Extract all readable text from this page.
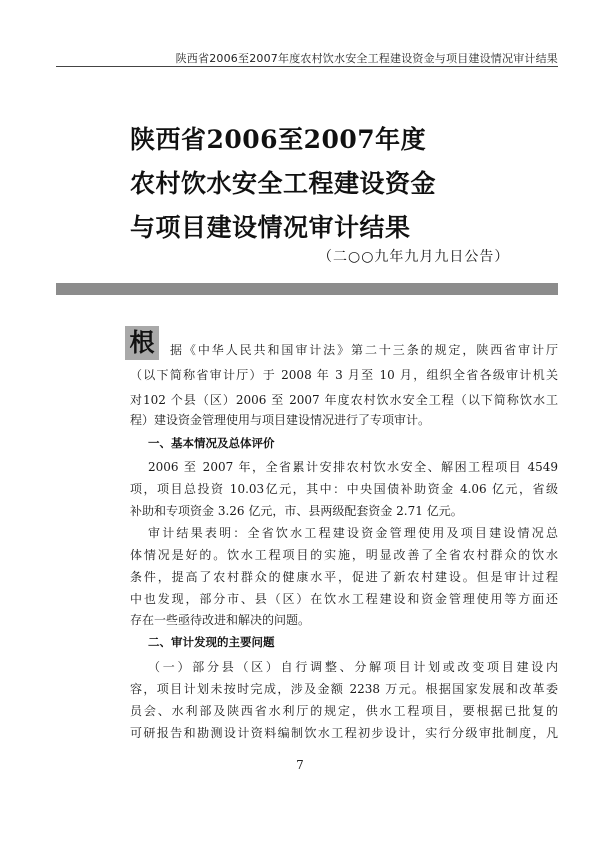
陕西省2006至2007年度农村饮水安全工程建设资金与项目建设情况审计结果
陕西省2006至2007年度
农村饮水安全工程建设资金
与项目建设情况审计结果
（二○○九年九月九日公告）
根	据《中华人民共和国审计法》第二十三条的规定，陕西省审计厅
（以下简称省审计厅）于 2008 年 3 月至 10 月，组织全省各级审计机关
对102 个县（区）2006 至 2007 年度农村饮水安全工程（以下简称饮水工
程）建设资金管理使用与项目建设情况进行了专项审计。
一、基本情况及总体评价
2006 至 2007 年，全省累计安排农村饮水安全、解困工程项目 4549
项，项目总投资 10.03亿元，其中：中央国债补助资金 4.06 亿元，省级
补助和专项资金 3.26 亿元，市、县两级配套资金 2.71 亿元。
审计结果表明：全省饮水工程建设资金管理使用及项目建设情况总
体情况是好的。饮水工程项目的实施，明显改善了全省农村群众的饮水
条件，提高了农村群众的健康水平，促进了新农村建设。但是审计过程
中也发现，部分市、县（区）在饮水工程建设和资金管理使用等方面还
存在一些亟待改进和解决的问题。
二、审计发现的主要问题
（一）部分县（区）自行调整、分解项目计划或改变项目建设内
容，项目计划未按时完成，涉及金额 2238 万元。根据国家发展和改革委
员会、水利部及陕西省水利厅的规定，供水工程项目，要根据已批复的
可研报告和勘测设计资料编制饮水工程初步设计，实行分级审批制度，凡
7
